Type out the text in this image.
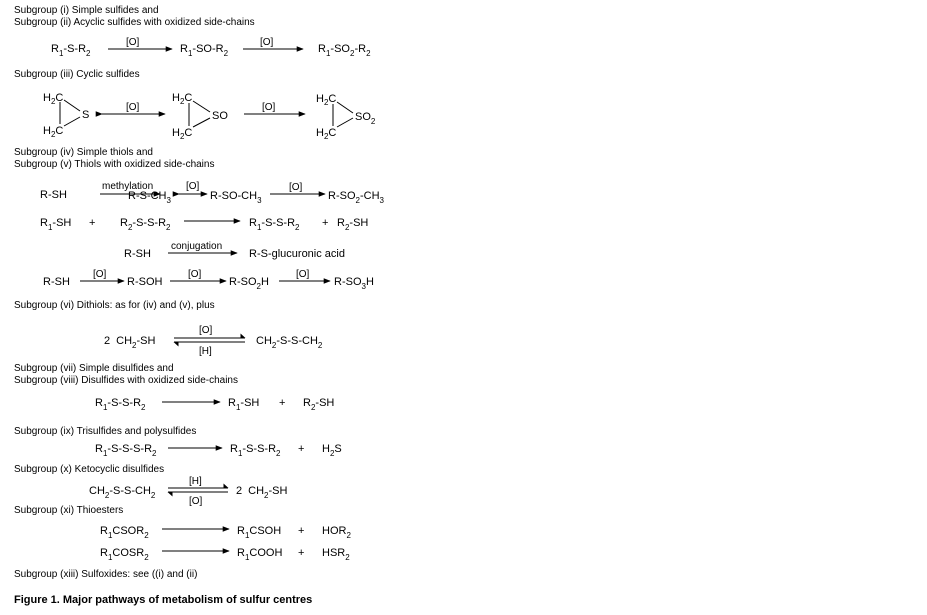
Subgroup (i) Simple sulfides and
Subgroup (ii) Acyclic sulfides with oxidized side-chains
$R_1-S-R_2$
[O]
$R_1-SO-R_2$
[O]
$R_1-SO_2-R_2$
Subgroup (iii) Cyclic sulfides
$H_2C$
$H_2C$
S
[O]
$H_2C$
$H_2C$
SO
[O]
$H_2C$
$H_2C$
$SO_2$
Subgroup (iv) Simple thiols and
Subgroup (v) Thiols with oxidized side-chains
R-SH
methylation
$R-S-CH_3$
[O]
$R-SO-CH_3$
[O]
$R-SO_2-CH_3$
$R_1-SH + R_2-S-S-R_2$	$R_1-S-S-R_2 + R_2-SH$
R-SH
conjugation
R-S-glucuronic acid
R-SH
[O]
R-SOH
[O]
$R-SO_2H$
[O]
$R-SO_3H$
Subgroup (vi) Dithiols: as for (iv) and (v), plus
2 $CH_2-SH$
[O]
[H]
$CH_2-S-S-CH_2$
Subgroup (vii) Simple disulfides and
Subgroup (viii) Disulfides with oxidized side-chains
$R_1-S-S-R_2$	$R_1-SH + R_2-SH$
Subgroup (ix) Trisulfides and polysulfides
$R_1-S-S-S-R_2$	$R_1-S-S-R_2 + H_2S$
Subgroup (x) Ketocyclic disulfides
$CH_2-S-S-CH_2$
[H]
[O]
2 $CH_2-SH$
Subgroup (xi) Thioesters
$R_1CSOR_2$	$R_1CSOH + HOR_2$
$R_1COSR_2$	$R_1COOH + HSR_2$
Subgroup (xiii) Sulfoxides: see ((i) and (ii)
Figure 1. Major pathways of metabolism of sulfur centres
